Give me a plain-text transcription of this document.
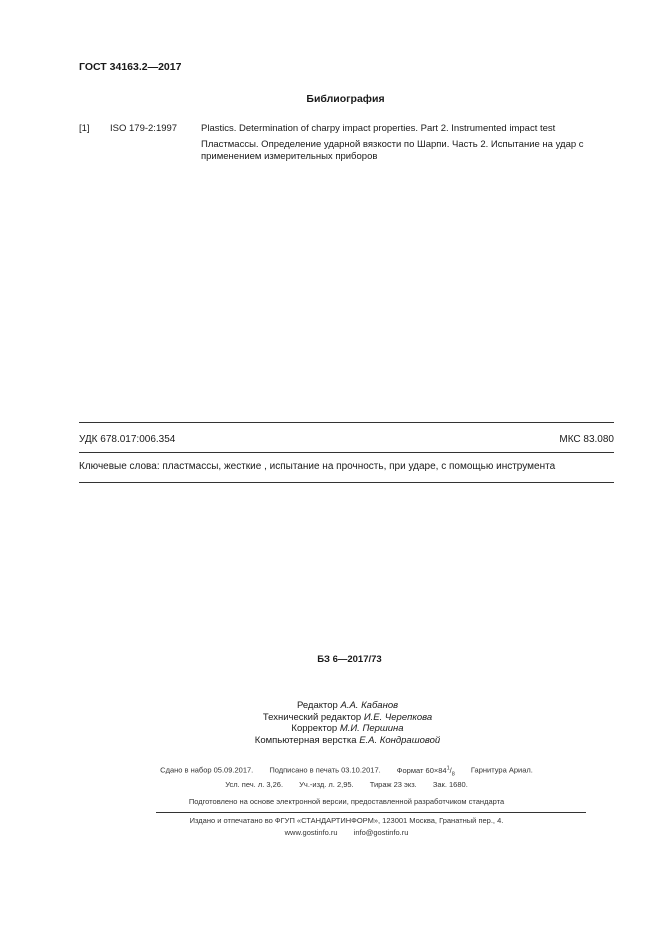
ГОСТ 34163.2—2017
Библиография
[1] ISO 179-2:1997	Plastics. Determination of charpy impact properties. Part 2. Instrumented impact test
Пластмассы. Определение ударной вязкости по Шарпи. Часть 2. Испытание на удар с применением измерительных приборов
УДК 678.017:006.354	МКС 83.080
Ключевые слова: пластмассы, жесткие , испытание на прочность, при ударе, с помощью инструмента
БЗ 6—2017/73
Редактор А.А. Кабанов
Технический редактор И.Е. Черепкова
Корректор М.И. Першина
Компьютерная верстка Е.А. Кондрашовой
Сдано в набор 05.09.2017. Подписано в печать 03.10.2017. Формат $60\times 84^1/_8$ Гарнитура Ариал.
Усл. печ. л. 3,26. Уч.-изд. л. 2,95. Тираж 23 экз. Зак. 1680.
Подготовлено на основе электронной версии, предоставленной разработчиком стандарта
Издано и отпечатано во ФГУП «СТАНДАРТИНФОРМ», 123001 Москва, Гранатный пер., 4.
www.gostinfo.ru info@gostinfo.ru
